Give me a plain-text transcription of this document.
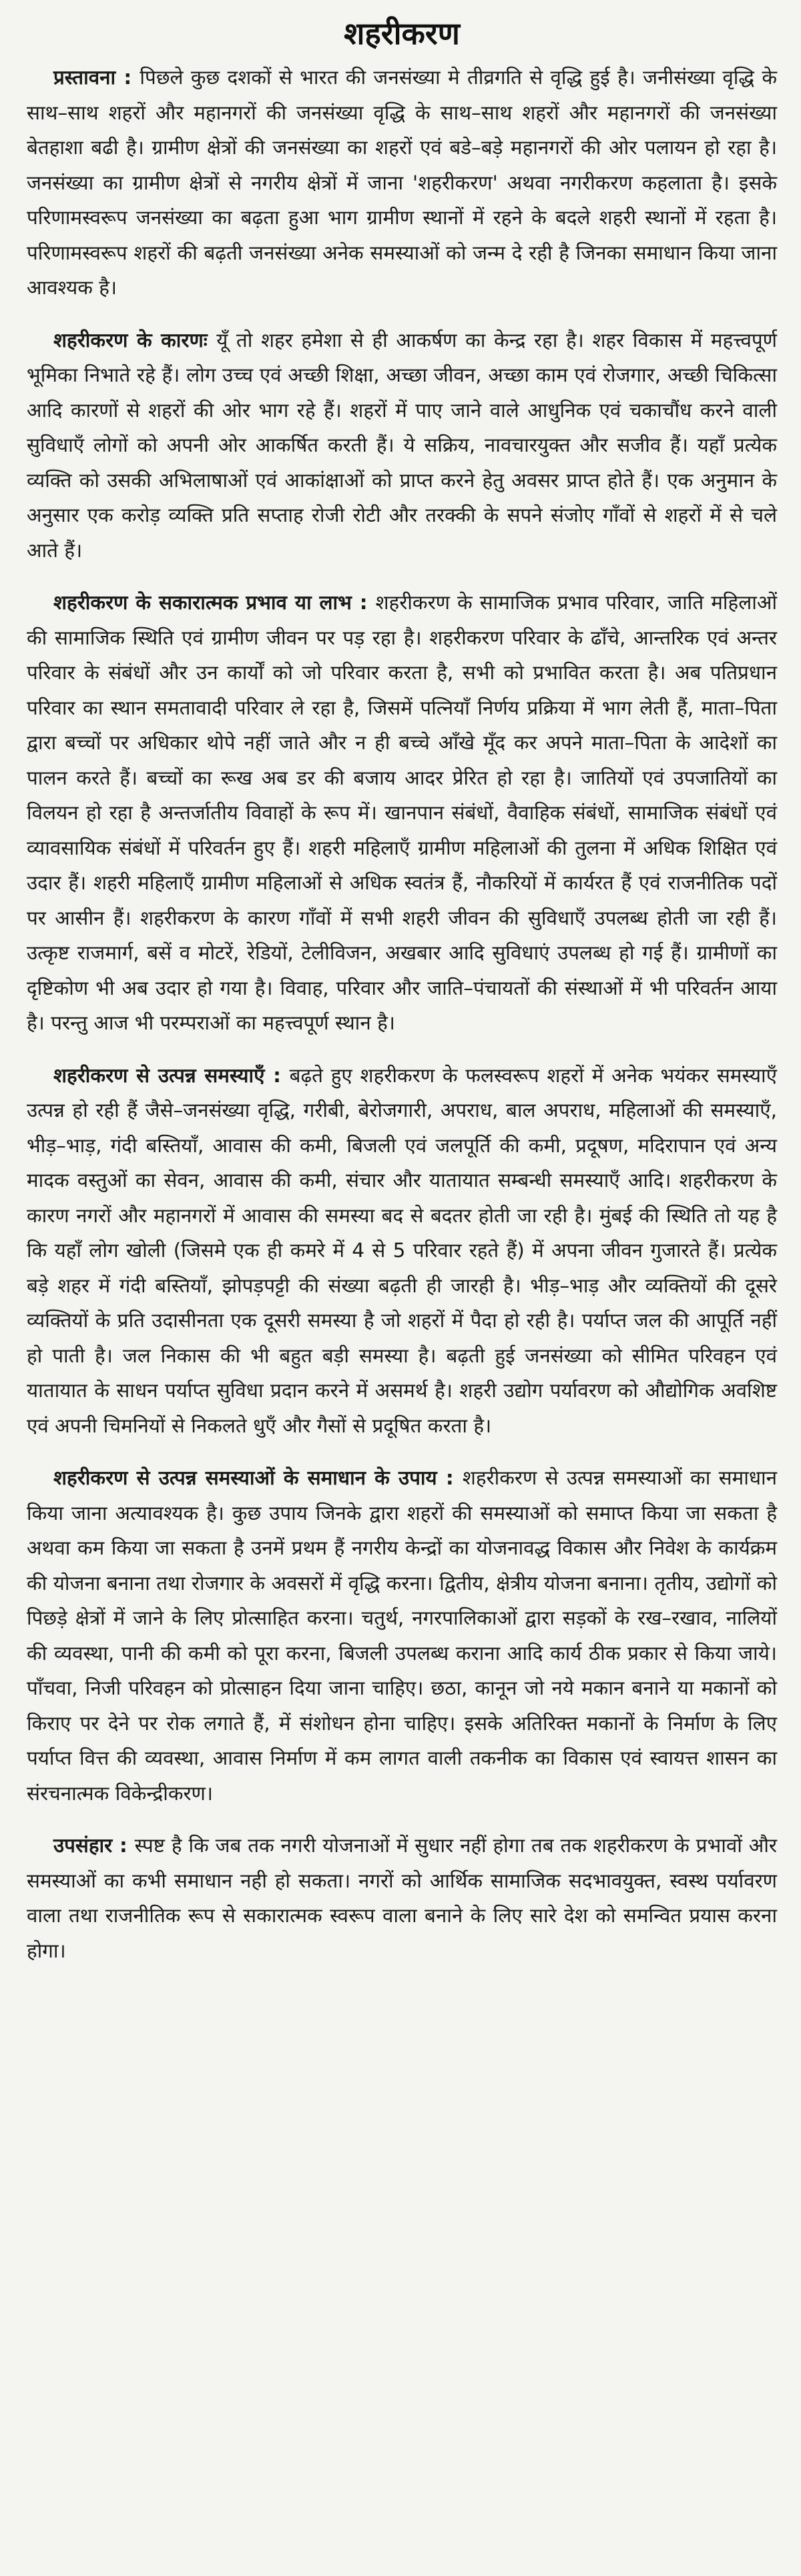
शहरीकरण

प्रस्तावना : पिछले कुछ दशकों से भारत की जनसंख्या मे तीव्रगति से वृद्धि हुई है। जनीसंख्या वृद्धि के साथ–साथ शहरों और महानगरों की जनसंख्या वृद्धि के साथ–साथ शहरों और महानगरों की जनसंख्या बेतहाशा बढी है। ग्रामीण क्षेत्रों की जनसंख्या का शहरों एवं बडे–बड़े महानगरों की ओर पलायन हो रहा है। जनसंख्या का ग्रामीण क्षेत्रों से नगरीय क्षेत्रों में जाना 'शहरीकरण' अथवा नगरीकरण कहलाता है। इसके परिणामस्वरूप जनसंख्या का बढ़ता हुआ भाग ग्रामीण स्थानों में रहने के बदले शहरी स्थानों में रहता है। परिणामस्वरूप शहरों की बढ़ती जनसंख्या अनेक समस्याओं को जन्म दे रही है जिनका समाधान किया जाना आवश्यक है।

शहरीकरण के कारणः यूँ तो शहर हमेशा से ही आकर्षण का केन्द्र रहा है। शहर विकास में महत्त्वपूर्ण भूमिका निभाते रहे हैं। लोग उच्च एवं अच्छी शिक्षा, अच्छा जीवन, अच्छा काम एवं रोजगार, अच्छी चिकित्सा आदि कारणों से शहरों की ओर भाग रहे हैं। शहरों में पाए जाने वाले आधुनिक एवं चकाचौंध करने वाली सुविधाएँ लोगों को अपनी ओर आकर्षित करती हैं। ये सक्रिय, नावचारयुक्त और सजीव हैं। यहाँ प्रत्येक व्यक्ति को उसकी अभिलाषाओं एवं आकांक्षाओं को प्राप्त करने हेतु अवसर प्राप्त होते हैं। एक अनुमान के अनुसार एक करोड़ व्यक्ति प्रति सप्ताह रोजी रोटी और तरक्की के सपने संजोए गाँवों से शहरों में से चले आते हैं।

शहरीकरण के सकारात्मक प्रभाव या लाभ : शहरीकरण के सामाजिक प्रभाव परिवार, जाति महिलाओं की सामाजिक स्थिति एवं ग्रामीण जीवन पर पड़ रहा है। शहरीकरण परिवार के ढाँचे, आन्तरिक एवं अन्तर परिवार के संबंधों और उन कार्यों को जो परिवार करता है, सभी को प्रभावित करता है। अब पतिप्रधान परिवार का स्थान समतावादी परिवार ले रहा है, जिसमें पत्नियाँ निर्णय प्रक्रिया में भाग लेती हैं, माता–पिता द्वारा बच्चों पर अधिकार थोपे नहीं जाते और न ही बच्चे आँखे मूँद कर अपने माता–पिता के आदेशों का पालन करते हैं। बच्चों का रूख अब डर की बजाय आदर प्रेरित हो रहा है। जातियों एवं उपजातियों का विलयन हो रहा है अन्तर्जातीय विवाहों के रूप में। खानपान संबंधों, वैवाहिक संबंधों, सामाजिक संबंधों एवं व्यावसायिक संबंधों में परिवर्तन हुए हैं। शहरी महिलाएँ ग्रामीण महिलाओं की तुलना में अधिक शिक्षित एवं उदार हैं। शहरी महिलाएँ ग्रामीण महिलाओं से अधिक स्वतंत्र हैं, नौकरियों में कार्यरत हैं एवं राजनीतिक पदों पर आसीन हैं। शहरीकरण के कारण गाँवों में सभी शहरी जीवन की सुविधाएँ उपलब्ध होती जा रही हैं। उत्कृष्ट राजमार्ग, बसें व मोटरें, रेडियों, टेलीविजन, अखबार आदि सुविधाएं उपलब्ध हो गई हैं। ग्रामीणों का दृष्टिकोण भी अब उदार हो गया है। विवाह, परिवार और जाति–पंचायतों की संस्थाओं में भी परिवर्तन आया है। परन्तु आज भी परम्पराओं का महत्त्वपूर्ण स्थान है।

शहरीकरण से उत्पन्न समस्याएँ : बढ़ते हुए शहरीकरण के फलस्वरूप शहरों में अनेक भयंकर समस्याएँ उत्पन्न हो रही हैं जैसे–जनसंख्या वृद्धि, गरीबी, बेरोजगारी, अपराध, बाल अपराध, महिलाओं की समस्याएँ, भीड़–भाड़, गंदी बस्तियाँ, आवास की कमी, बिजली एवं जलपूर्ति की कमी, प्रदूषण, मदिरापान एवं अन्य मादक वस्तुओं का सेवन, आवास की कमी, संचार और यातायात सम्बन्धी समस्याएँ आदि। शहरीकरण के कारण नगरों और महानगरों में आवास की समस्या बद से बदतर होती जा रही है। मुंबई की स्थिति तो यह है कि यहाँ लोग खोली (जिसमे एक ही कमरे में 4 से 5 परिवार रहते हैं) में अपना जीवन गुजारते हैं। प्रत्येक बड़े शहर में गंदी बस्तियाँ, झोपड़पट्टी की संख्या बढ़ती ही जारही है। भीड़–भाड़ और व्यक्तियों की दूसरे व्यक्तियों के प्रति उदासीनता एक दूसरी समस्या है जो शहरों में पैदा हो रही है। पर्याप्त जल की आपूर्ति नहीं हो पाती है। जल निकास की भी बहुत बड़ी समस्या है। बढ़ती हुई जनसंख्या को सीमित परिवहन एवं यातायात के साधन पर्याप्त सुविधा प्रदान करने में असमर्थ है। शहरी उद्योग पर्यावरण को औद्योगिक अवशिष्ट एवं अपनी चिमनियों से निकलते धुएँ और गैसों से प्रदूषित करता है।

शहरीकरण से उत्पन्न समस्याओं के समाधान के उपाय : शहरीकरण से उत्पन्न समस्याओं का समाधान किया जाना अत्यावश्यक है। कुछ उपाय जिनके द्वारा शहरों की समस्याओं को समाप्त किया जा सकता है अथवा कम किया जा सकता है उनमें प्रथम हैं नगरीय केन्द्रों का योजनावद्ध विकास और निवेश के कार्यक्रम की योजना बनाना तथा रोजगार के अवसरों में वृद्धि करना। द्वितीय, क्षेत्रीय योजना बनाना। तृतीय, उद्योगों को पिछड़े क्षेत्रों में जाने के लिए प्रोत्साहित करना। चतुर्थ, नगरपालिकाओं द्वारा सड़कों के रख–रखाव, नालियों की व्यवस्था, पानी की कमी को पूरा करना, बिजली उपलब्ध कराना आदि कार्य ठीक प्रकार से किया जाये। पाँचवा, निजी परिवहन को प्रोत्साहन दिया जाना चाहिए। छठा, कानून जो नये मकान बनाने या मकानों को किराए पर देने पर रोक लगाते हैं, में संशोधन होना चाहिए। इसके अतिरिक्त मकानों के निर्माण के लिए पर्याप्त वित्त की व्यवस्था, आवास निर्माण में कम लागत वाली तकनीक का विकास एवं स्वायत्त शासन का संरचनात्मक विकेन्द्रीकरण।

उपसंहार : स्पष्ट है कि जब तक नगरी योजनाओं में सुधार नहीं होगा तब तक शहरीकरण के प्रभावों और समस्याओं का कभी समाधान नही हो सकता। नगरों को आर्थिक सामाजिक सदभावयुक्त, स्वस्थ पर्यावरण वाला तथा राजनीतिक रूप से सकारात्मक स्वरूप वाला बनाने के लिए सारे देश को समन्वित प्रयास करना होगा।
